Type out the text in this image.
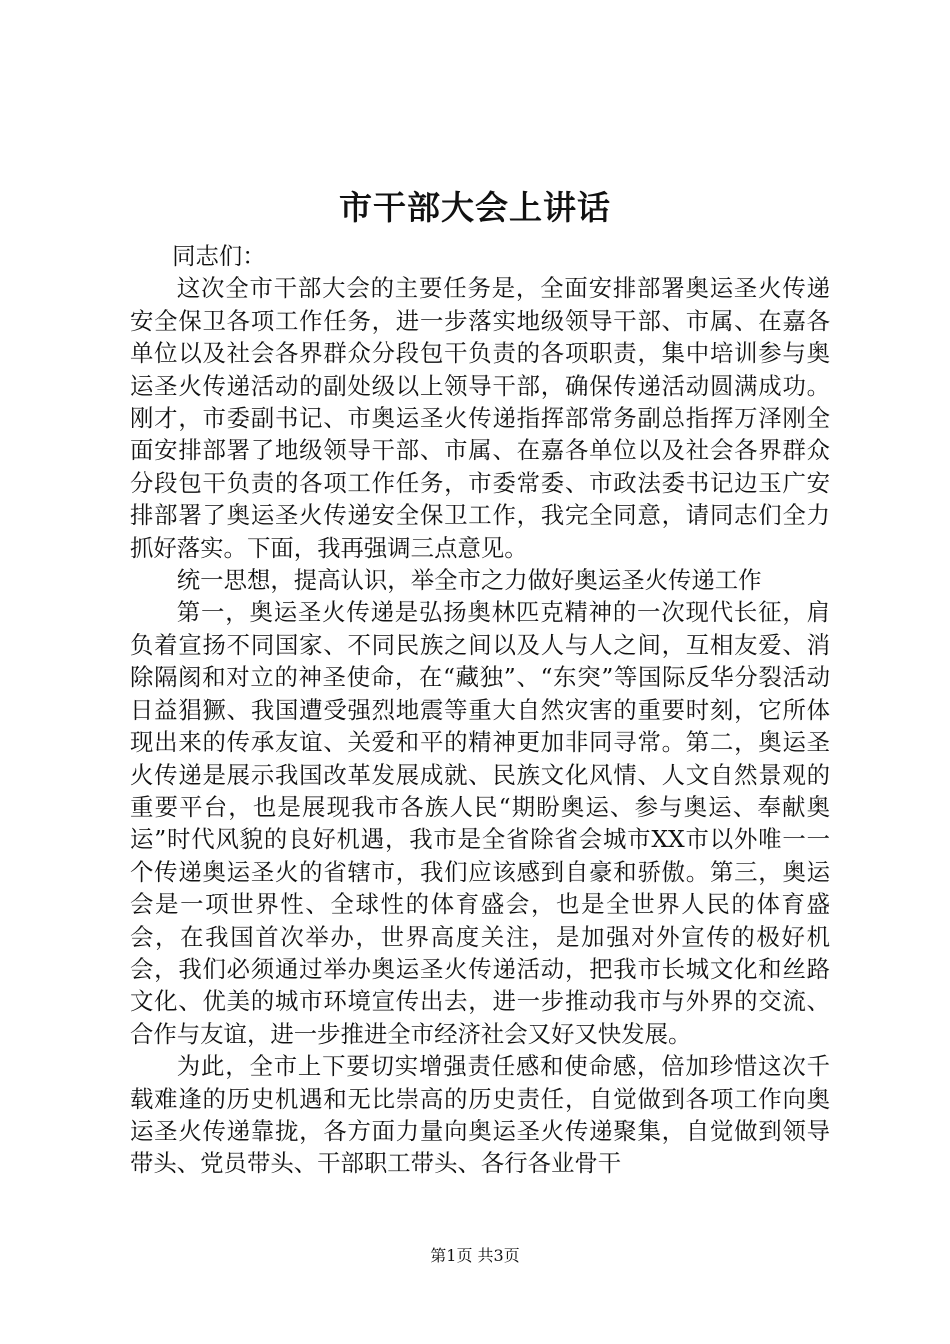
市干部大会上讲话

同志们：

这次全市干部大会的主要任务是，全面安排部署奥运圣火传递安全保卫各项工作任务，进一步落实地级领导干部、市属、在嘉各单位以及社会各界群众分段包干负责的各项职责，集中培训参与奥运圣火传递活动的副处级以上领导干部，确保传递活动圆满成功。刚才，市委副书记、市奥运圣火传递指挥部常务副总指挥万泽刚全面安排部署了地级领导干部、市属、在嘉各单位以及社会各界群众分段包干负责的各项工作任务，市委常委、市政法委书记边玉广安排部署了奥运圣火传递安全保卫工作，我完全同意，请同志们全力抓好落实。下面，我再强调三点意见。

统一思想，提高认识，举全市之力做好奥运圣火传递工作

第一，奥运圣火传递是弘扬奥林匹克精神的一次现代长征，肩负着宣扬不同国家、不同民族之间以及人与人之间，互相友爱、消除隔阂和对立的神圣使命，在“藏独”、“东突”等国际反华分裂活动日益猖獗、我国遭受强烈地震等重大自然灾害的重要时刻，它所体现出来的传承友谊、关爱和平的精神更加非同寻常。第二，奥运圣火传递是展示我国改革发展成就、民族文化风情、人文自然景观的重要平台，也是展现我市各族人民“期盼奥运、参与奥运、奉献奥运”时代风貌的良好机遇，我市是全省除省会城市XX市以外唯一一个传递奥运圣火的省辖市，我们应该感到自豪和骄傲。第三，奥运会是一项世界性、全球性的体育盛会，也是全世界人民的体育盛会，在我国首次举办，世界高度关注，是加强对外宣传的极好机会，我们必须通过举办奥运圣火传递活动，把我市长城文化和丝路文化、优美的城市环境宣传出去，进一步推动我市与外界的交流、合作与友谊，进一步推进全市经济社会又好又快发展。

为此，全市上下要切实增强责任感和使命感，倍加珍惜这次千载难逢的历史机遇和无比崇高的历史责任，自觉做到各项工作向奥运圣火传递靠拢，各方面力量向奥运圣火传递聚集，自觉做到领导带头、党员带头、干部职工带头、各行各业骨干

第1页 共3页
